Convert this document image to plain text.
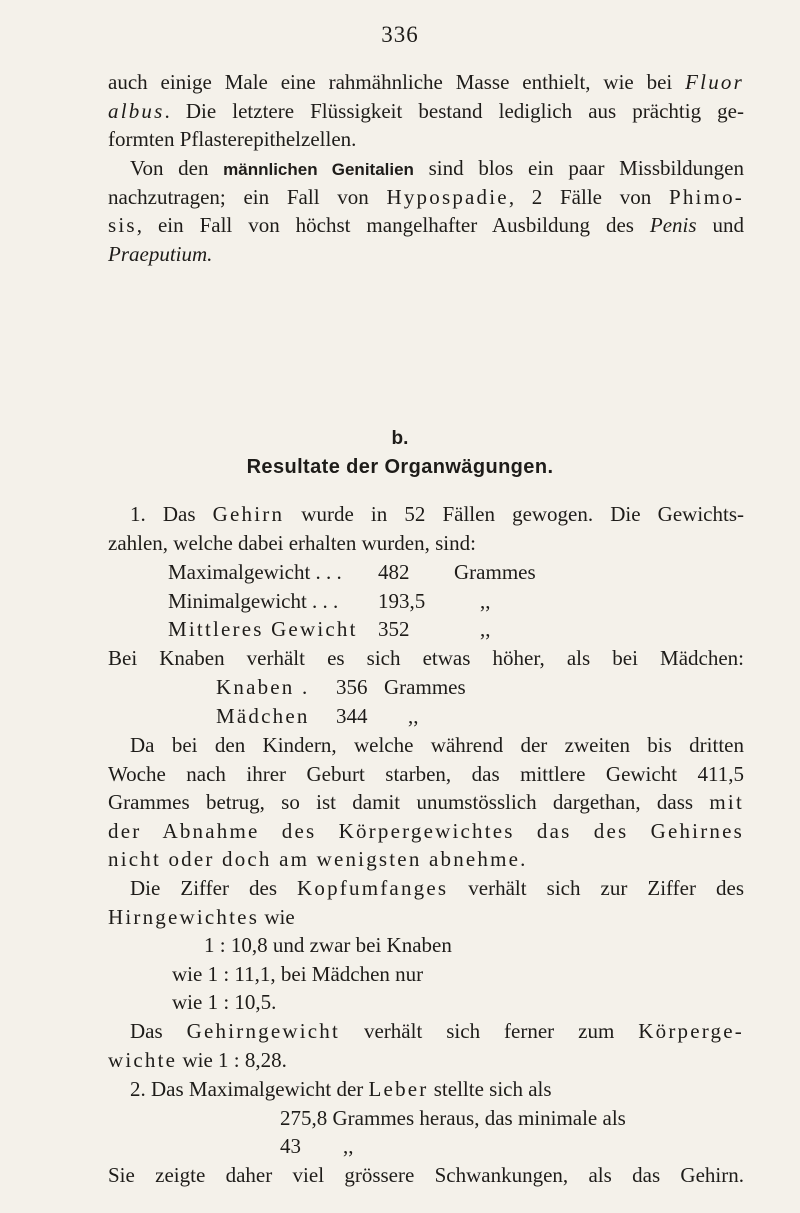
336
auch einige Male eine rahmähnliche Masse enthielt, wie bei Fluor
albus. Die letztere Flüssigkeit bestand lediglich aus prächtig ge-
formten Pflasterepithelzellen.
Von den männlichen Genitalien sind blos ein paar Missbildungen
nachzutragen; ein Fall von Hypospadie, 2 Fälle von Phimo-
sis, ein Fall von höchst mangelhafter Ausbildung des Penis und
Praeputium.
b.
Resultate der Organwägungen.
1. Das Gehirn wurde in 52 Fällen gewogen. Die Gewichts-
zahlen, welche dabei erhalten wurden, sind:
Maximalgewicht . . . 482 Grammes
Minimalgewicht . . . 193,5	,,
Mittleres Gewicht 352	,,
Bei Knaben verhält es sich etwas höher, als bei Mädchen:
Knaben . 356 Grammes
Mädchen 344 ,,
Da bei den Kindern, welche während der zweiten bis dritten
Woche nach ihrer Geburt starben, das mittlere Gewicht 411,5
Grammes betrug, so ist damit unumstösslich dargethan, dass mit
der Abnahme des Körpergewichtes das des Gehirnes
nicht oder doch am wenigsten abnehme.
Die Ziffer des Kopfumfanges verhält sich zur Ziffer des
Hirngewichtes wie
1 : 10,8 und zwar bei Knaben
wie 1 : 11,1, bei Mädchen nur
wie 1 : 10,5.
Das Gehirngewicht verhält sich ferner zum Körperge-
wichte wie 1 : 8,28.
2. Das Maximalgewicht der Leber stellte sich als
275,8 Grammes heraus, das minimale als
43        ,,
Sie zeigte daher viel grössere Schwankungen, als das Gehirn.
